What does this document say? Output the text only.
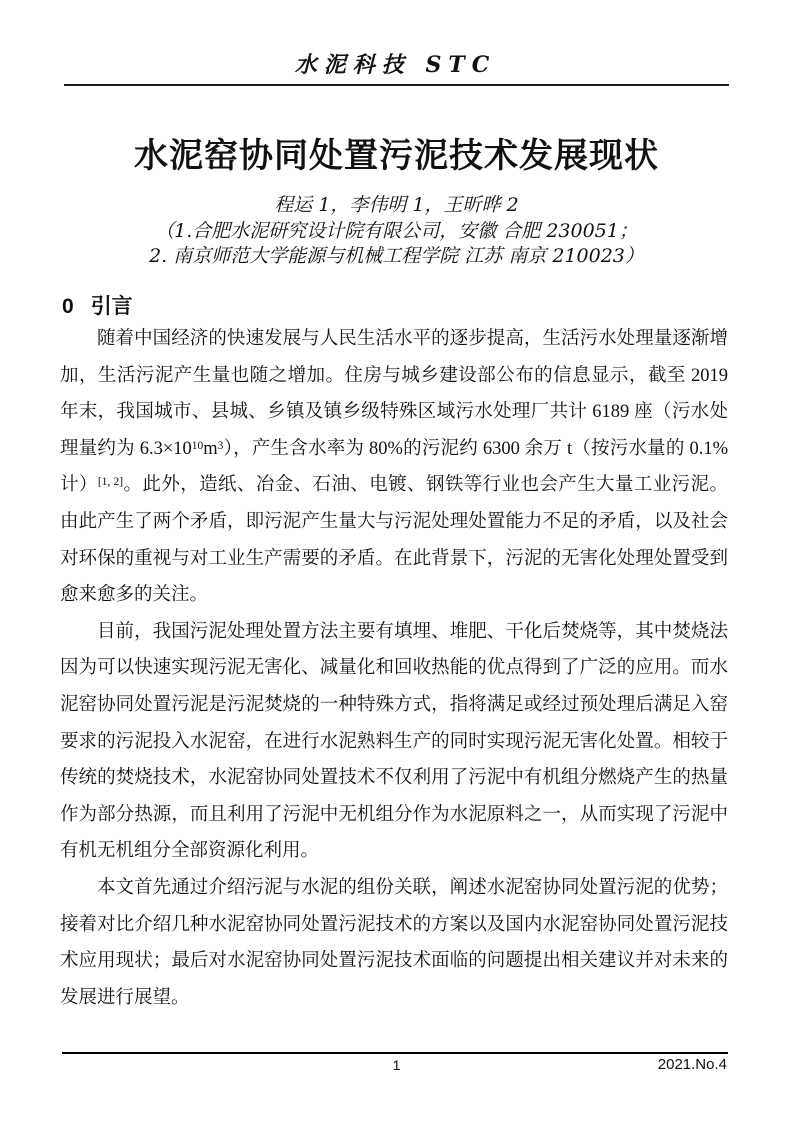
水泥科技 STC
水泥窑协同处置污泥技术发展现状
程运 1，李伟明 1，王昕晔 2
（1.合肥水泥研究设计院有限公司，安徽 合肥 230051；
2. 南京师范大学能源与机械工程学院 江苏 南京 210023）
0 引言

随着中国经济的快速发展与人民生活水平的逐步提高，生活污水处理量逐渐增加，生活污泥产生量也随之增加。住房与城乡建设部公布的信息显示，截至 2019 年末，我国城市、县城、乡镇及镇乡级特殊区域污水处理厂共计 6189 座（污水处理量约为 $6.3\times 10^{10}m^3$），产生含水率为 80%的污泥约 6300 余万 t（按污水量的 0.1%计）[1, 2]。此外，造纸、冶金、石油、电镀、钢铁等行业也会产生大量工业污泥。由此产生了两个矛盾，即污泥产生量大与污泥处理处置能力不足的矛盾，以及社会对环保的重视与对工业生产需要的矛盾。在此背景下，污泥的无害化处理处置受到愈来愈多的关注。

目前，我国污泥处理处置方法主要有填埋、堆肥、干化后焚烧等，其中焚烧法因为可以快速实现污泥无害化、减量化和回收热能的优点得到了广泛的应用。而水泥窑协同处置污泥是污泥焚烧的一种特殊方式，指将满足或经过预处理后满足入窑要求的污泥投入水泥窑，在进行水泥熟料生产的同时实现污泥无害化处置。相较于传统的焚烧技术，水泥窑协同处置技术不仅利用了污泥中有机组分燃烧产生的热量作为部分热源，而且利用了污泥中无机组分作为水泥原料之一，从而实现了污泥中有机无机组分全部资源化利用。

本文首先通过介绍污泥与水泥的组份关联，阐述水泥窑协同处置污泥的优势；接着对比介绍几种水泥窑协同处置污泥技术的方案以及国内水泥窑协同处置污泥技术应用现状；最后对水泥窑协同处置污泥技术面临的问题提出相关建议并对未来的发展进行展望。

1	2021.No.4
